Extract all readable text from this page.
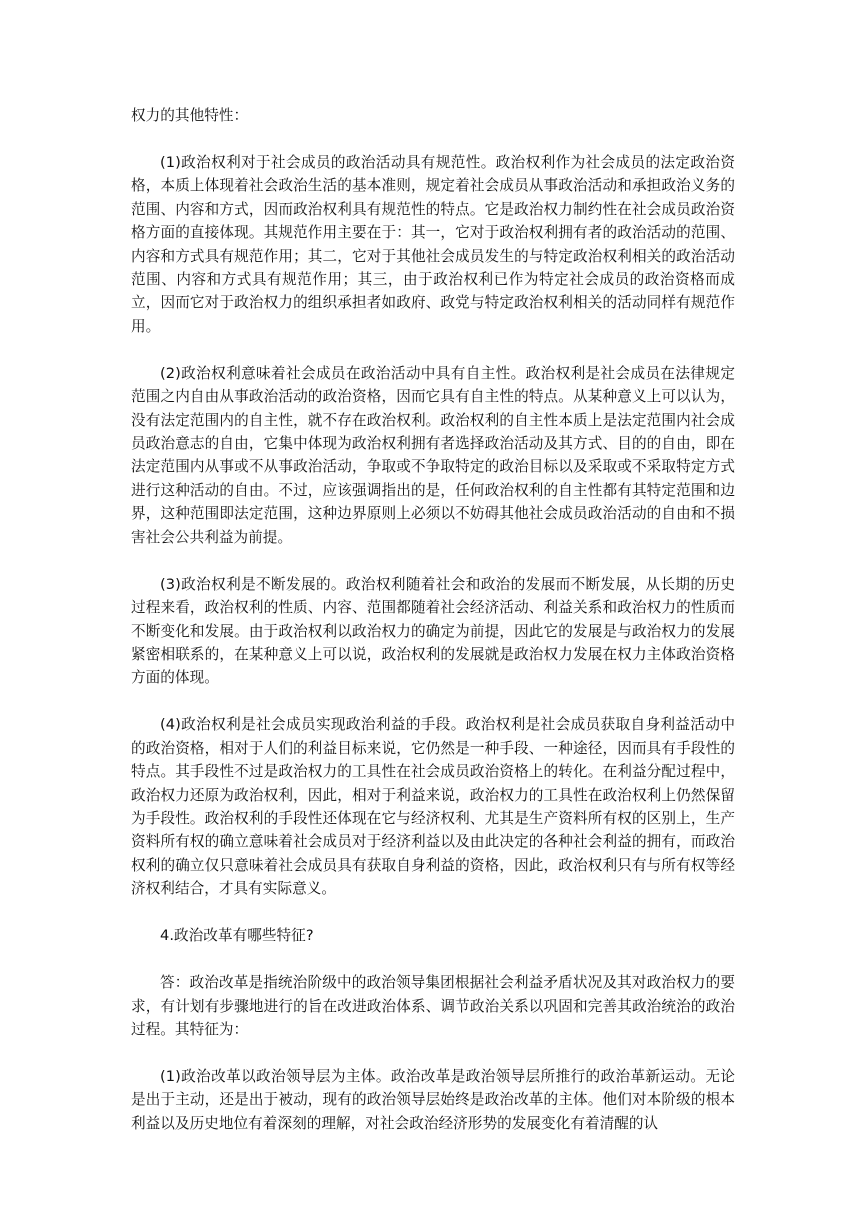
权力的其他特性：

(1)政治权利对于社会成员的政治活动具有规范性。政治权利作为社会成员的法定政治资格，本质上体现着社会政治生活的基本准则，规定着社会成员从事政治活动和承担政治义务的范围、内容和方式，因而政治权利具有规范性的特点。它是政治权力制约性在社会成员政治资格方面的直接体现。其规范作用主要在于：其一，它对于政治权利拥有者的政治活动的范围、内容和方式具有规范作用；其二，它对于其他社会成员发生的与特定政治权利相关的政治活动范围、内容和方式具有规范作用；其三，由于政治权利已作为特定社会成员的政治资格而成立，因而它对于政治权力的组织承担者如政府、政党与特定政治权利相关的活动同样有规范作用。

(2)政治权利意味着社会成员在政治活动中具有自主性。政治权利是社会成员在法律规定范围之内自由从事政治活动的政治资格，因而它具有自主性的特点。从某种意义上可以认为，没有法定范围内的自主性，就不存在政治权利。政治权利的自主性本质上是法定范围内社会成员政治意志的自由，它集中体现为政治权利拥有者选择政治活动及其方式、目的的自由，即在法定范围内从事或不从事政治活动，争取或不争取特定的政治目标以及采取或不采取特定方式进行这种活动的自由。不过，应该强调指出的是，任何政治权利的自主性都有其特定范围和边界，这种范围即法定范围，这种边界原则上必须以不妨碍其他社会成员政治活动的自由和不损害社会公共利益为前提。

(3)政治权利是不断发展的。政治权利随着社会和政治的发展而不断发展，从长期的历史过程来看，政治权利的性质、内容、范围都随着社会经济活动、利益关系和政治权力的性质而不断变化和发展。由于政治权利以政治权力的确定为前提，因此它的发展是与政治权力的发展紧密相联系的，在某种意义上可以说，政治权利的发展就是政治权力发展在权力主体政治资格方面的体现。

(4)政治权利是社会成员实现政治利益的手段。政治权利是社会成员获取自身利益活动中的政治资格，相对于人们的利益目标来说，它仍然是一种手段、一种途径，因而具有手段性的特点。其手段性不过是政治权力的工具性在社会成员政治资格上的转化。在利益分配过程中，政治权力还原为政治权利，因此，相对于利益来说，政治权力的工具性在政治权利上仍然保留为手段性。政治权利的手段性还体现在它与经济权利、尤其是生产资料所有权的区别上，生产资料所有权的确立意味着社会成员对于经济利益以及由此决定的各种社会利益的拥有，而政治权利的确立仅只意味着社会成员具有获取自身利益的资格，因此，政治权利只有与所有权等经济权利结合，才具有实际意义。

4.政治改革有哪些特征?

答：政治改革是指统治阶级中的政治领导集团根据社会利益矛盾状况及其对政治权力的要求，有计划有步骤地进行的旨在改进政治体系、调节政治关系以巩固和完善其政治统治的政治过程。其特征为：

(1)政治改革以政治领导层为主体。政治改革是政治领导层所推行的政治革新运动。无论是出于主动，还是出于被动，现有的政治领导层始终是政治改革的主体。他们对本阶级的根本利益以及历史地位有着深刻的理解，对社会政治经济形势的发展变化有着清醒的认
